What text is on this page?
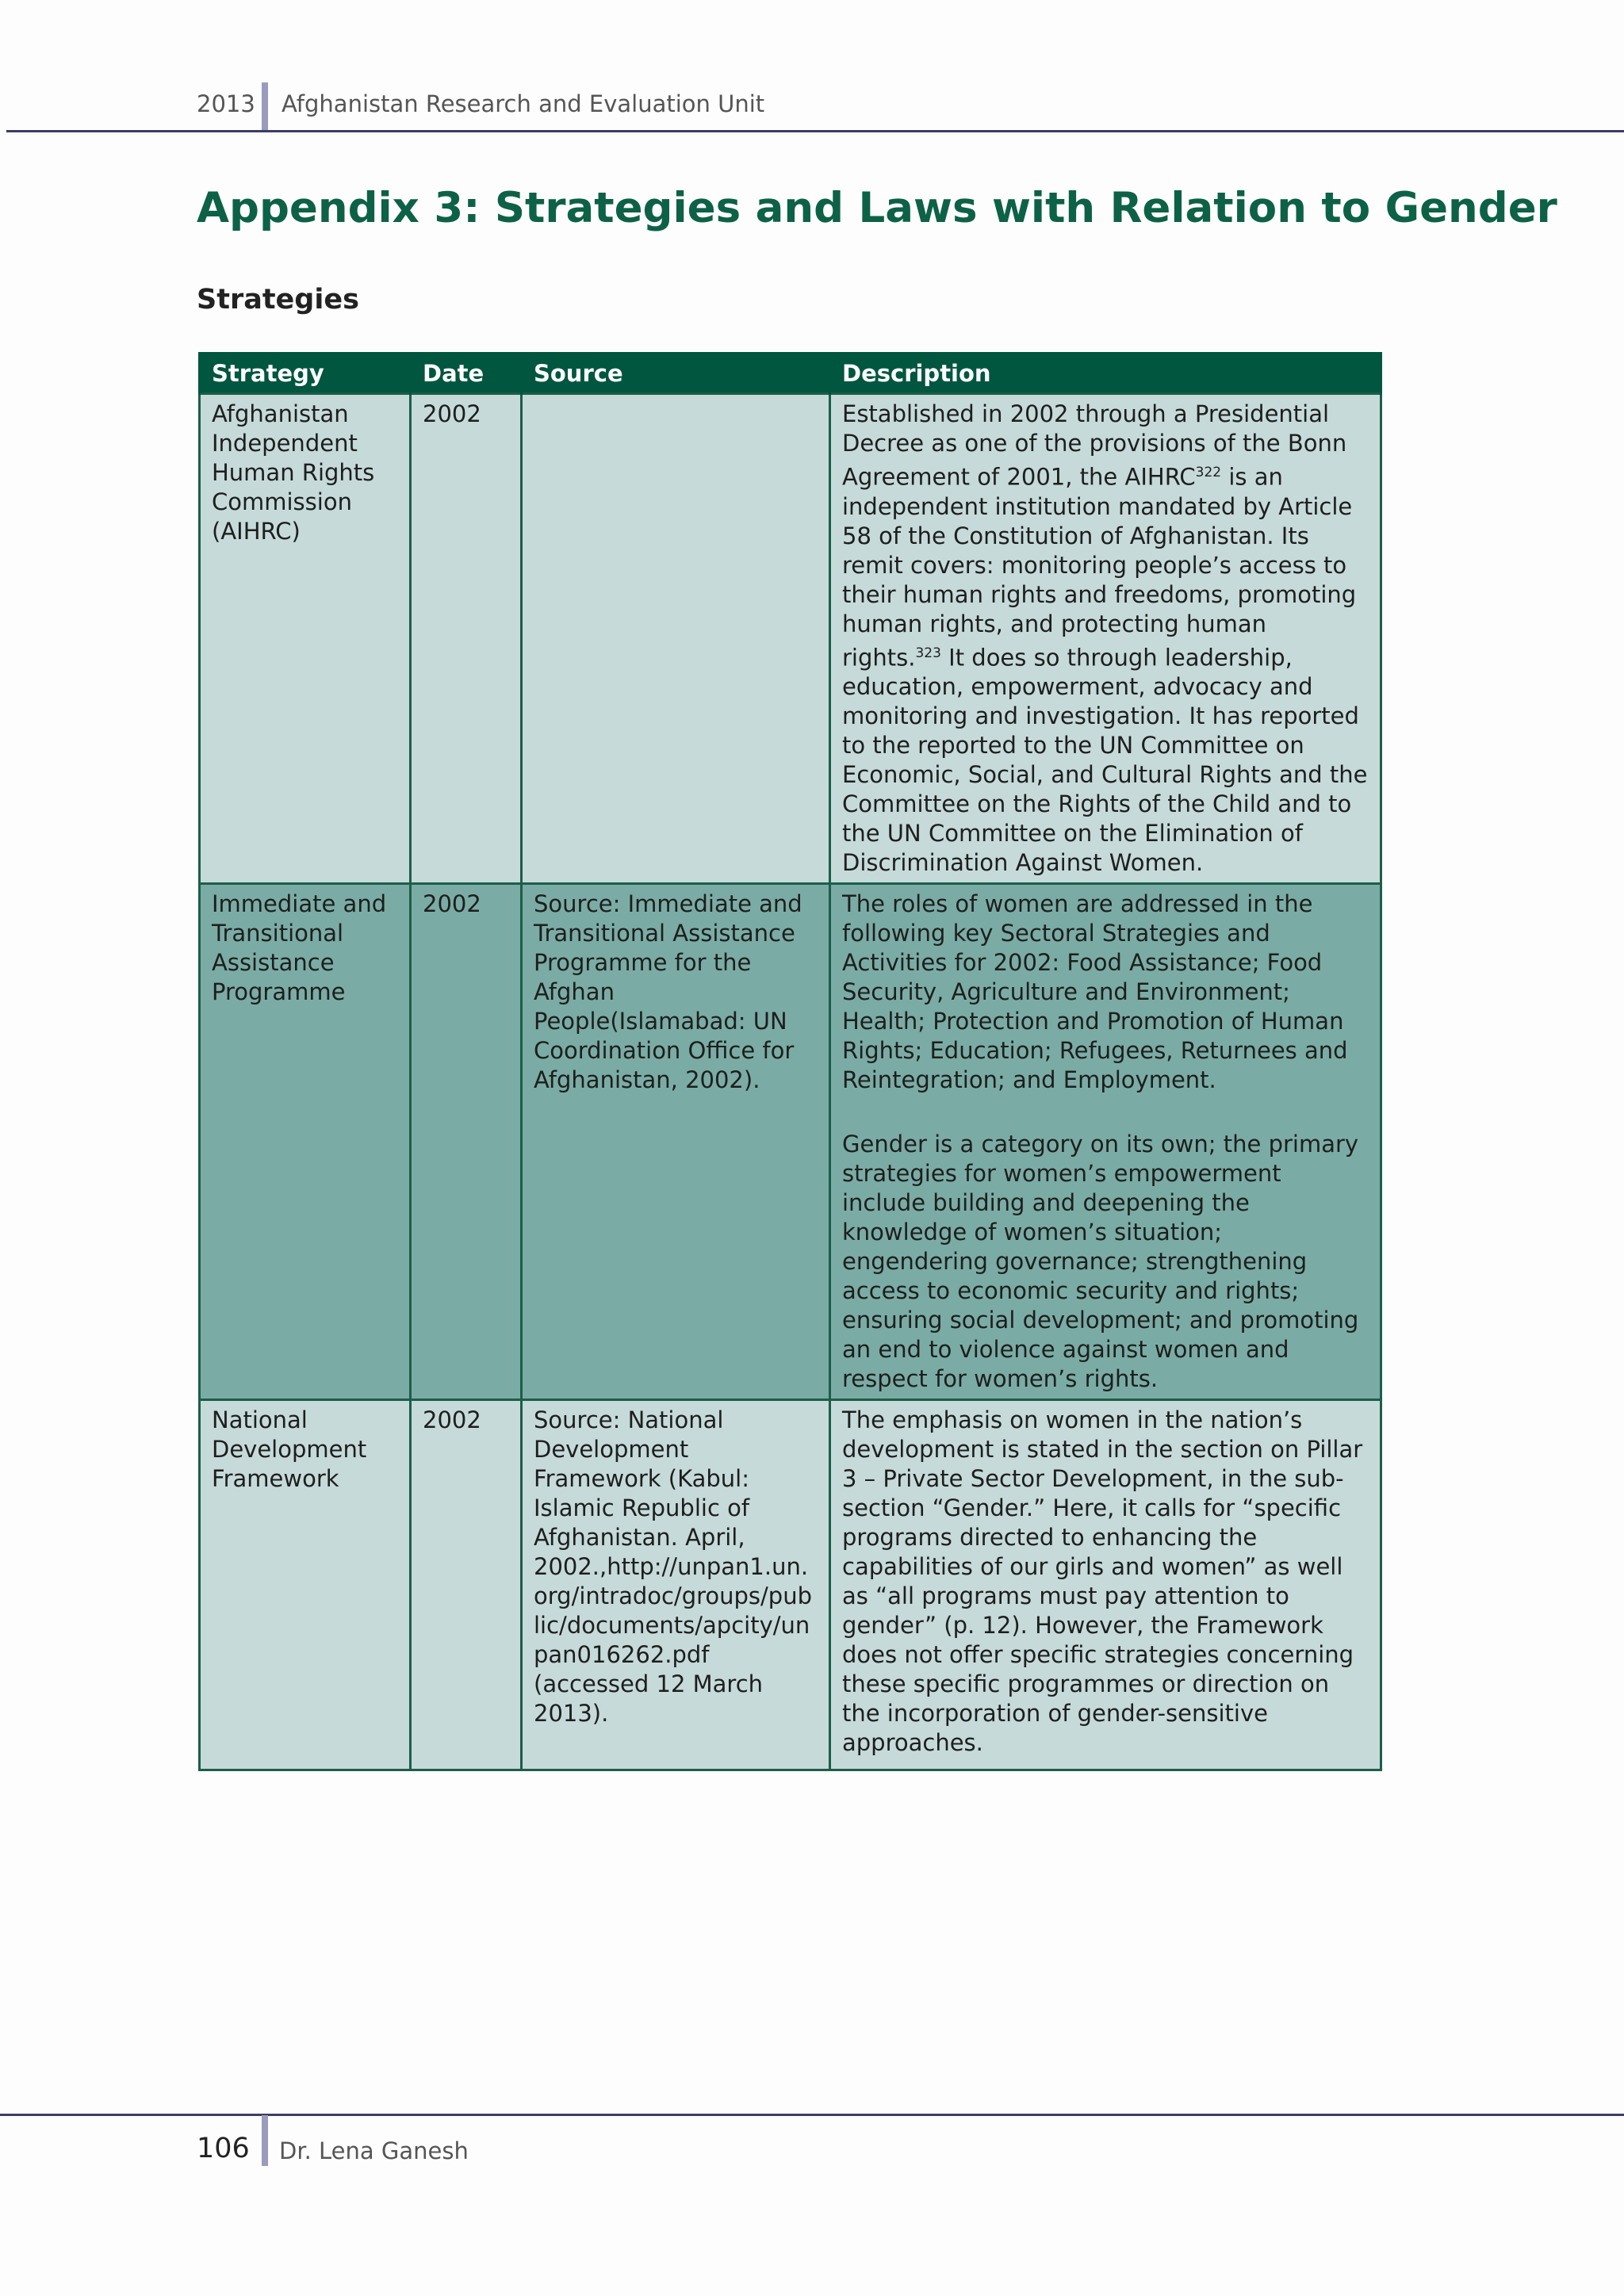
2013 Afghanistan Research and Evaluation Unit
Appendix 3: Strategies and Laws with Relation to Gender
Strategies
Strategy	Date	Source	Description
Afghanistan Independent Human Rights Commission (AIHRC)	2002		Established in 2002 through a Presidential Decree as one of the provisions of the Bonn Agreement of 2001, the AIHRC$^{322}$ is an independent institution mandated by Article 58 of the Constitution of Afghanistan. Its remit covers: monitoring people’s access to their human rights and freedoms, promoting human rights, and protecting human rights.$^{323}$ It does so through leadership, education, empowerment, advocacy and monitoring and investigation. It has reported to the reported to the UN Committee on Economic, Social, and Cultural Rights and the Committee on the Rights of the Child and to the UN Committee on the Elimination of Discrimination Against Women.
Immediate and Transitional Assistance Programme	2002	Source: Immediate and Transitional Assistance Programme for the Afghan People(Islamabad: UN Coordination Office for Afghanistan, 2002).	The roles of women are addressed in the following key Sectoral Strategies and Activities for 2002: Food Assistance; Food Security, Agriculture and Environment; Health; Protection and Promotion of Human Rights; Education; Refugees, Returnees and Reintegration; and Employment.
Gender is a category on its own; the primary strategies for women’s empowerment include building and deepening the knowledge of women’s situation; engendering governance; strengthening access to economic security and rights; ensuring social development; and promoting an end to violence against women and respect for women’s rights.

National Development Framework	2002	Source: National Development Framework (Kabul: Islamic Republic of Afghanistan. April, 2002.,http://unpan1.un.org/intradoc/groups/public/documents/apcity/unpan016262.pdf (accessed 12 March 2013).	The emphasis on women in the nation’s development is stated in the section on Pillar 3 – Private Sector Development, in the sub-section “Gender.” Here, it calls for “specific programs directed to enhancing the capabilities of our girls and women” as well as “all programs must pay attention to gender” (p. 12). However, the Framework does not offer specific strategies concerning these specific programmes or direction on the incorporation of gender-sensitive approaches.
106 Dr. Lena Ganesh
